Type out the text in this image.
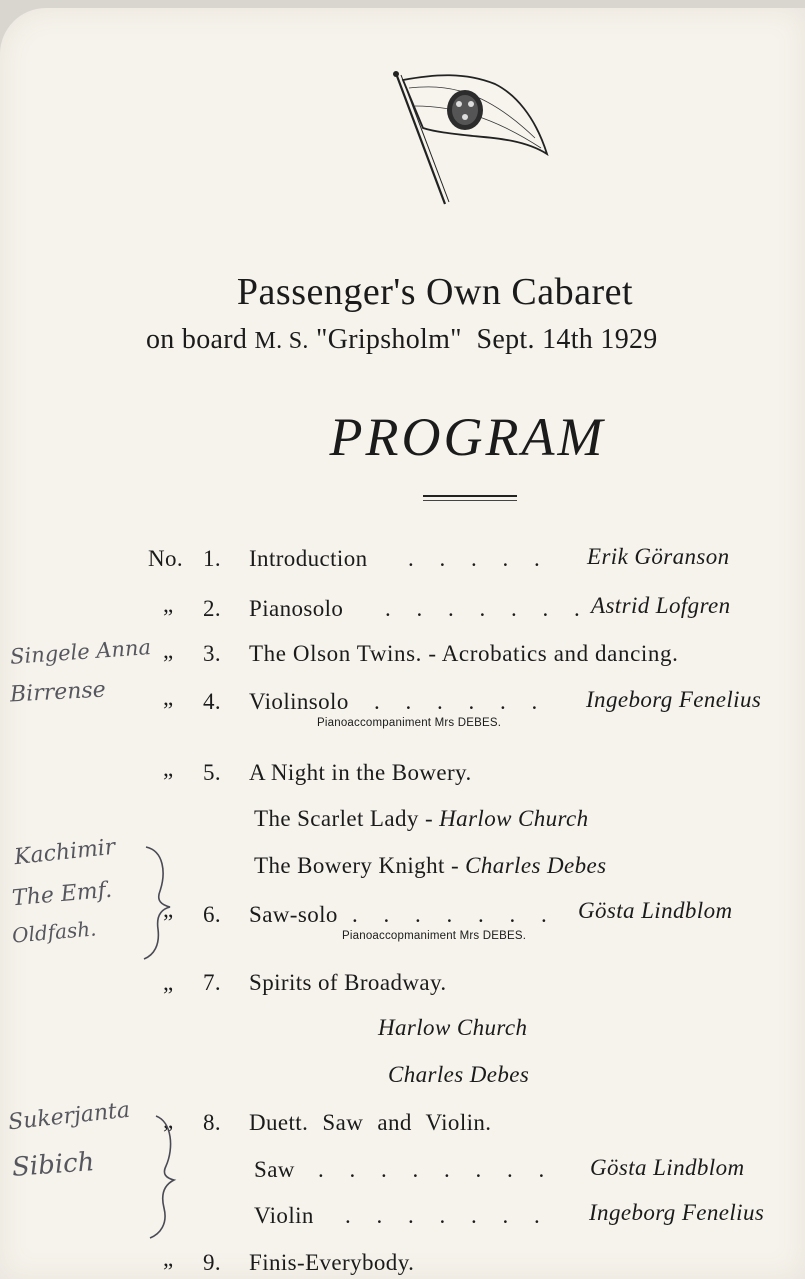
Passenger's Own Cabaret
on board M. S. "Gripsholm" Sept. 14th 1929
PROGRAM
No. 1. Introduction . . . . . Erik Göranson
„ 2. Pianosolo . . . . . . . Astrid Lofgren
„ 3. The Olson Twins. - Acrobatics and dancing.
„ 4. Violinsolo . . . . . . Ingeborg Fenelius
Pianoaccompaniment Mrs DEBES.
„ 5. A Night in the Bowery.
The Scarlet Lady - Harlow Church
The Bowery Knight - Charles Debes
„ 6. Saw-solo . . . . . . . Gösta Lindblom
Pianoaccopmaniment Mrs DEBES.
„ 7. Spirits of Broadway.
Harlow Church
Charles Debes
„ 8. Duett. Saw and Violin.
Saw . . . . . . . . Gösta Lindblom
Violin . . . . . . . Ingeborg Fenelius
„ 9. Finis-Everybody.
Singele Anna
Birrense
Kachimir
The Emf.
Oldfash.
Sukerjanta
Sibich
